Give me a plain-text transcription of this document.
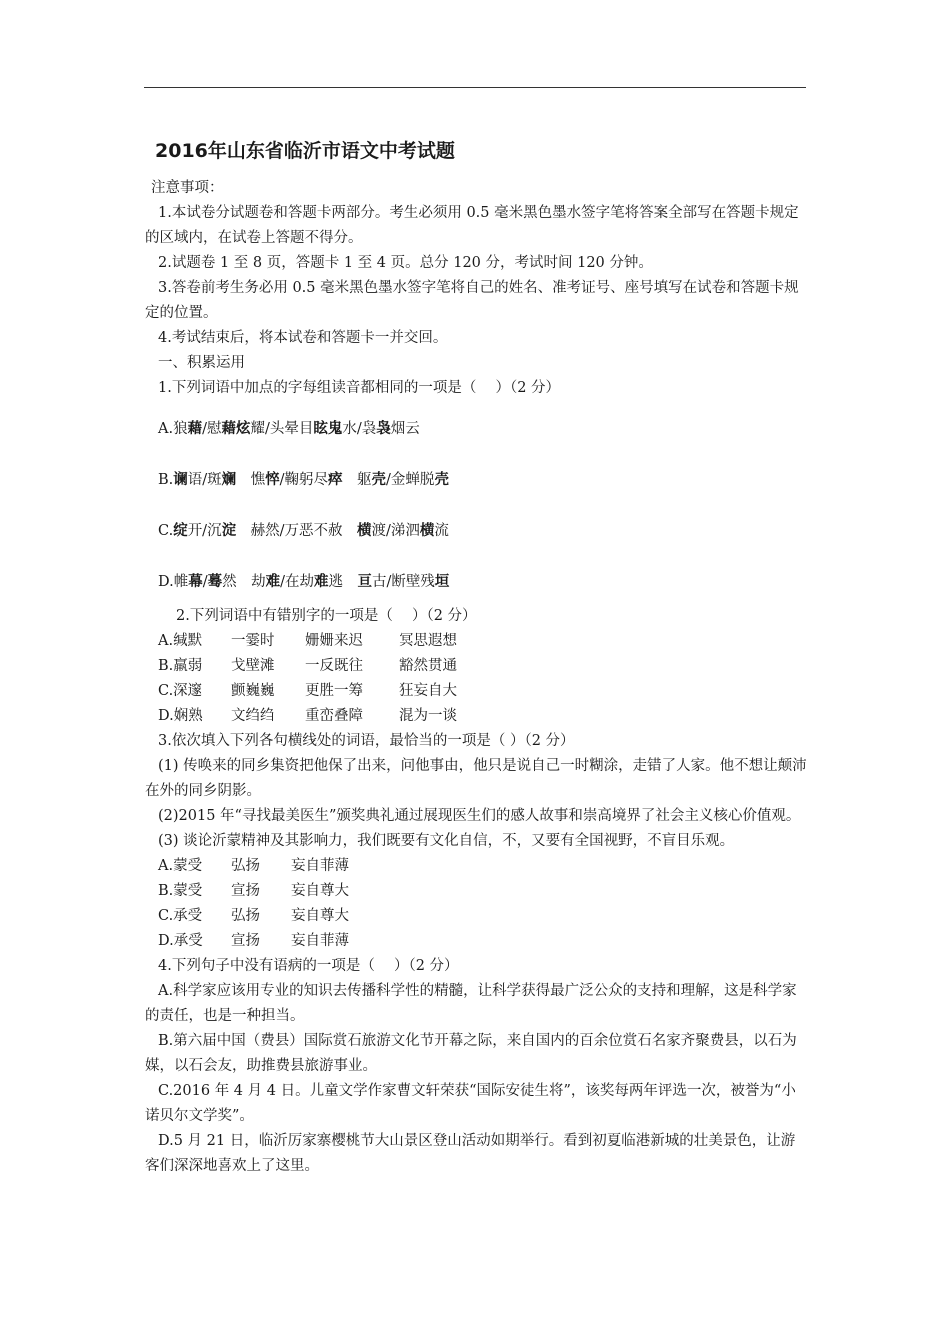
2016年山东省临沂市语文中考试题
注意事项：
1.本试卷分试题卷和答题卡两部分。考生必须用 0.5 毫米黑色墨水签字笔将答案全部写在答题卡规定的区域内，在试卷上答题不得分。
2.试题卷 1 至 8 页，答题卡 1 至 4 页。总分 120 分，考试时间 120 分钟。
3.答卷前考生务必用 0.5 毫米黑色墨水签字笔将自己的姓名、准考证号、座号填写在试卷和答题卡规定的位置。
4.考试结束后，将本试卷和答题卡一并交回。
一、积累运用
1.下列词语中加点的字每组读音都相同的一项是（　 ）（2 分）
A.狼藉/慰藉炫耀/头晕目眩鬼水/袅袅烟云
B.谰语/斑斓　憔悴/鞠躬尽瘁　躯壳/金蝉脱壳
C.绽开/沉淀　赫然/万恶不赦　横渡/涕泗横流
D.帷幕/蓦然　劫难/在劫难逃　亘古/断壁残垣
2.下列词语中有错别字的一项是（　 ）（2 分）
A.缄默 一霎时 姗姗来迟 冥思遐想
B.羸弱 戈壁滩 一反既往 豁然贯通
C.深邃 颤巍巍 更胜一筹 狂妄自大
D.娴熟 文绉绉 重峦叠障 混为一谈
3.依次填入下列各句横线处的词语，最恰当的一项是（ ）（2 分）
(1) 传唤来的同乡集资把他保了出来，问他事由，他只是说自己一时糊涂，走错了人家。他不想让颠沛在外的同乡阴影。
(2)2015 年“寻找最美医生”颁奖典礼通过展现医生们的感人故事和崇高境界了社会主义核心价值观。
(3) 谈论沂蒙精神及其影响力，我们既要有文化自信，不，又要有全国视野，不盲目乐观。
A.蒙受 弘扬 妄自菲薄
B.蒙受 宣扬 妄自尊大
C.承受 弘扬 妄自尊大
D.承受 宣扬 妄自菲薄
4.下列句子中没有语病的一项是（　 ）（2 分）
A.科学家应该用专业的知识去传播科学性的精髓，让科学获得最广泛公众的支持和理解，这是科学家的责任，也是一种担当。
B.第六届中国（费县）国际赏石旅游文化节开幕之际，来自国内的百余位赏石名家齐聚费县，以石为媒，以石会友，助推费县旅游事业。
C.2016 年 4 月 4 日。儿童文学作家曹文轩荣获“国际安徒生将”，该奖每两年评选一次，被誉为“小诺贝尔文学奖”。
D.5 月 21 日，临沂厉家寨樱桃节大山景区登山活动如期举行。看到初夏临港新城的壮美景色，让游客们深深地喜欢上了这里。
